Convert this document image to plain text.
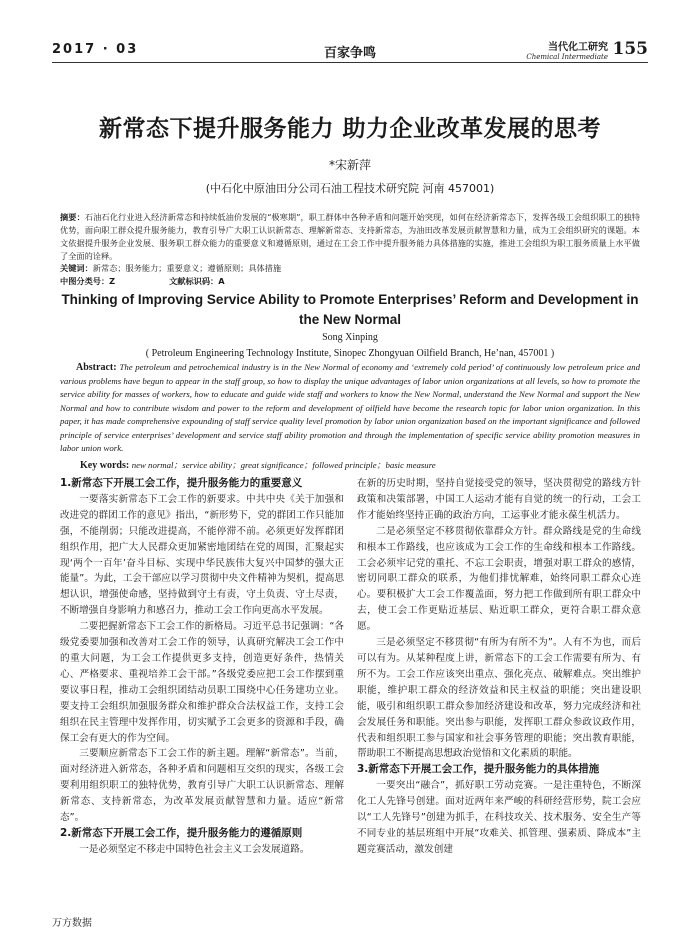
2017 · 03	百家争鸣	当代化工研究
Chemical Intermediate 155
新常态下提升服务能力 助力企业改革发展的思考
*宋新萍
(中石化中原油田分公司石油工程技术研究院 河南 457001)
摘要：石油石化行业进入经济新常态和持续低油价发展的“极寒期”，职工群体中各种矛盾和问题开始突现，如何在经济新常态下，发挥各级工会组织职工的独特优势，面向职工群众提升服务能力，教育引导广大职工认识新常态、理解新常态、支持新常态，为油田改革发展贡献智慧和力量，成为工会组织研究的课题。本文依据提升服务企业发展、服务职工群众能力的重要意义和遵循原则，通过在工会工作中提升服务能力具体措施的实施，推进工会组织为职工服务质量上水平做了全面的诠释。
关键词：新常态；服务能力；重要意义；遵循原则；具体措施
中图分类号：Z	文献标识码：A
Thinking of Improving Service Ability to Promote Enterprises’ Reform and Development in the New Normal
Song Xinping
( Petroleum Engineering Technology Institute, Sinopec Zhongyuan Oilfield Branch, He’nan, 457001 )
Abstract: The petroleum and petrochemical industry is in the New Normal of economy and ‘extremely cold period’ of continuously low petroleum price and various problems have begun to appear in the staff group, so how to display the unique advantages of labor union organizations at all levels, so how to promote the service ability for masses of workers, how to educate and guide wide staff and workers to know the New Normal, understand the New Normal and support the New Normal and how to contribute wisdom and power to the reform and development of oilfield have become the research topic for labor union organization. In this paper, it has made comprehensive expounding of staff service quality level promotion by labor union organization based on the important significance and followed principle of service enterprises’ development and service staff ability promotion and through the implementation of specific service ability promotion measures in labor union work.
Key words: new normal；service ability；great significance；followed principle；basic measure
1.新常态下开展工会工作，提升服务能力的重要意义

一要落实新常态下工会工作的新要求。中共中央《关于加强和改进党的群团工作的意见》指出，“新形势下，党的群团工作只能加强，不能削弱；只能改进提高，不能停滞不前。必须更好发挥群团组织作用，把广大人民群众更加紧密地团结在党的周围，汇聚起实现‘两个一百年’奋斗目标、实现中华民族伟大复兴中国梦的强大正能量”。为此，工会干部应以学习贯彻中央文件精神为契机，提高思想认识，增强使命感，坚持做到守土有责，守土负责、守土尽责，不断增强自身影响力和感召力，推动工会工作向更高水平发展。

二要把握新常态下工会工作的新格局。习近平总书记强调：“各级党委要加强和改善对工会工作的领导，认真研究解决工会工作中的重大问题，为工会工作提供更多支持，创造更好条件，热情关心、严格要求、重视培养工会干部。”各级党委应把工会工作摆到重要议事日程，推动工会组织团结动员职工围绕中心任务建功立业。要支持工会组织加强服务群众和维护群众合法权益工作，支持工会组织在民主管理中发挥作用，切实赋予工会更多的资源和手段，确保工会有更大的作为空间。

三要顺应新常态下工会工作的新主题。理解“新常态”。当前，面对经济进入新常态，各种矛盾和问题相互交织的现实，各级工会要利用组织职工的独特优势，教育引导广大职工认识新常态、理解新常态、支持新常态，为改革发展贡献智慧和力量。适应“新常态”。

2.新常态下开展工会工作，提升服务能力的遵循原则

一是必须坚定不移走中国特色社会主义工会发展道路。

在新的历史时期，坚持自觉接受党的领导，坚决贯彻党的路线方针政策和决策部署，中国工人运动才能有自觉的统一的行动，工会工作才能始终坚持正确的政治方向，工运事业才能永葆生机活力。

二是必须坚定不移贯彻依靠群众方针。群众路线是党的生命线和根本工作路线，也应该成为工会工作的生命线和根本工作路线。工会必须牢记党的重托、不忘工会职责，增强对职工群众的感情，密切同职工群众的联系，为他们排忧解难，始终同职工群众心连心。要积极扩大工会工作覆盖面，努力把工作做到所有职工群众中去，使工会工作更贴近基层、贴近职工群众，更符合职工群众意愿。

三是必须坚定不移贯彻“有所为有所不为”。人有不为也，而后可以有为。从某种程度上讲，新常态下的工会工作需要有所为、有所不为。工会工作应该突出重点、强化亮点、破解难点。突出维护职能，维护职工群众的经济效益和民主权益的职能；突出建设职能，吸引和组织职工群众参加经济建设和改革，努力完成经济和社会发展任务和职能。突出参与职能，发挥职工群众参政议政作用，代表和组织职工参与国家和社会事务管理的职能；突出教育职能，帮助职工不断提高思想政治觉悟和文化素质的职能。

3.新常态下开展工会工作，提升服务能力的具体措施

一要突出“融合”，抓好职工劳动竞赛。一是注重特色，不断深化工人先锋号创建。面对近两年来严峻的科研经营形势，院工会应以“工人先锋号”创建为抓手，在科技攻关、技术服务、安全生产等不同专业的基层班组中开展“攻难关、抓管理、强素质、降成本”主题竞赛活动，激发创建

万方数据
